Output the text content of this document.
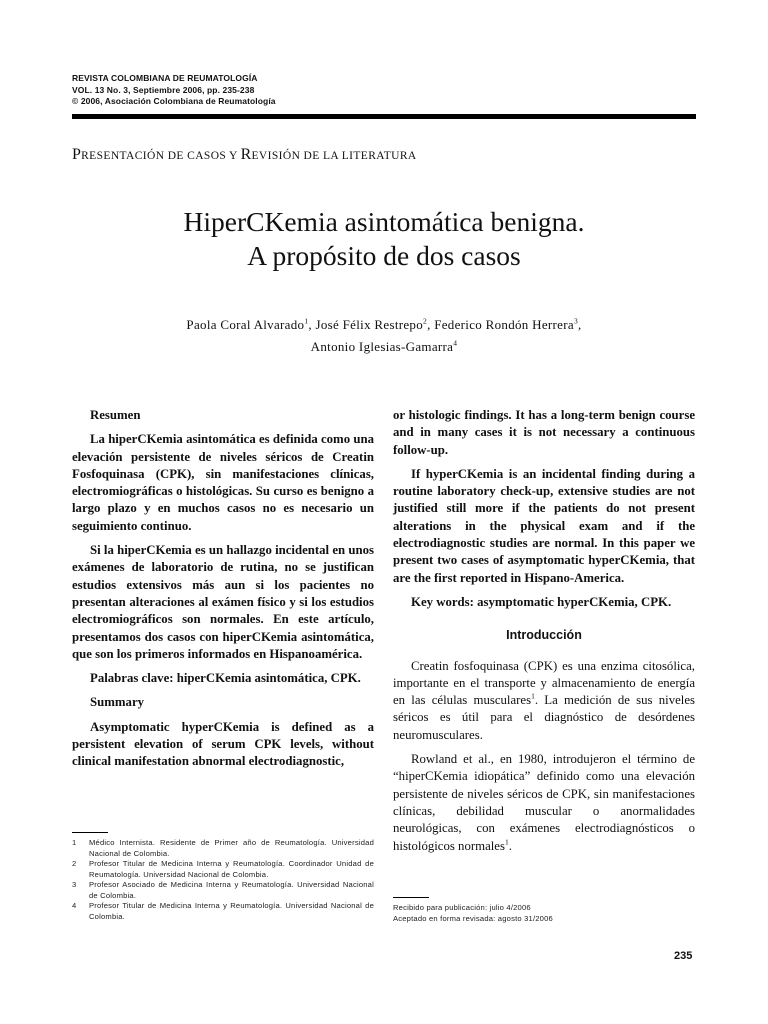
REVISTA COLOMBIANA DE REUMATOLOGÍA
VOL. 13 No. 3, Septiembre 2006, pp. 235-238
© 2006, Asociación Colombiana de Reumatología
PRESENTACIÓN DE CASOS Y REVISIÓN DE LA LITERATURA
HiperCKemia asintomática benigna.
A propósito de dos casos
Paola Coral Alvarado$^1$, José Félix Restrepo$^2$, Federico Rondón Herrera$^3$,
Antonio Iglesias-Gamarra$^4$
Resumen

La hiperCKemia asintomática es definida como una elevación persistente de niveles séricos de Creatin Fosfoquinasa (CPK), sin manifestaciones clínicas, electromiográficas o histológicas. Su curso es benigno a largo plazo y en muchos casos no es necesario un seguimiento continuo.

Si la hiperCKemia es un hallazgo incidental en unos exámenes de laboratorio de rutina, no se justifican estudios extensivos más aun si los pacientes no presentan alteraciones al exámen físico y si los estudios electromiográficos son normales. En este artículo, presentamos dos casos con hiperCKemia asintomática, que son los primeros informados en Hispanoamérica.

Palabras clave: hiperCKemia asintomática, CPK.

Summary

Asymptomatic hyperCKemia is defined as a persistent elevation of serum CPK levels, without clinical manifestation abnormal electrodiagnostic,

or histologic findings. It has a long-term benign course and in many cases it is not necessary a continuous follow-up.

If hyperCKemia is an incidental finding during a routine laboratory check-up, extensive studies are not justified still more if the patients do not present alterations in the physical exam and if the electrodiagnostic studies are normal. In this paper we present two cases of asymptomatic hyperCKemia, that are the first reported in Hispano-America.

Key words: asymptomatic hyperCKemia, CPK.

Introducción

Creatin fosfoquinasa (CPK) es una enzima citosólica, importante en el transporte y almacenamiento de energía en las células musculares$^1$. La medición de sus niveles séricos es útil para el diagnóstico de desórdenes neuromusculares.

Rowland et al., en 1980, introdujeron el término de “hiperCKemia idiopática” definido como una elevación persistente de niveles séricos de CPK, sin manifestaciones clínicas, debilidad muscular o anormalidades neurológicas, con exámenes electrodiagnósticos o histológicos normales$^1$.

1	Médico Internista. Residente de Primer año de Reumatología. Universidad Nacional de Colombia.
2	Profesor Titular de Medicina Interna y Reumatología. Coordinador Unidad de Reumatología. Universidad Nacional de Colombia.
3	Profesor Asociado de Medicina Interna y Reumatología. Universidad Nacional de Colombia.
4	Profesor Titular de Medicina Interna y Reumatología. Universidad Nacional de Colombia.
Recibido para publicación: julio 4/2006
Aceptado en forma revisada: agosto 31/2006
235
